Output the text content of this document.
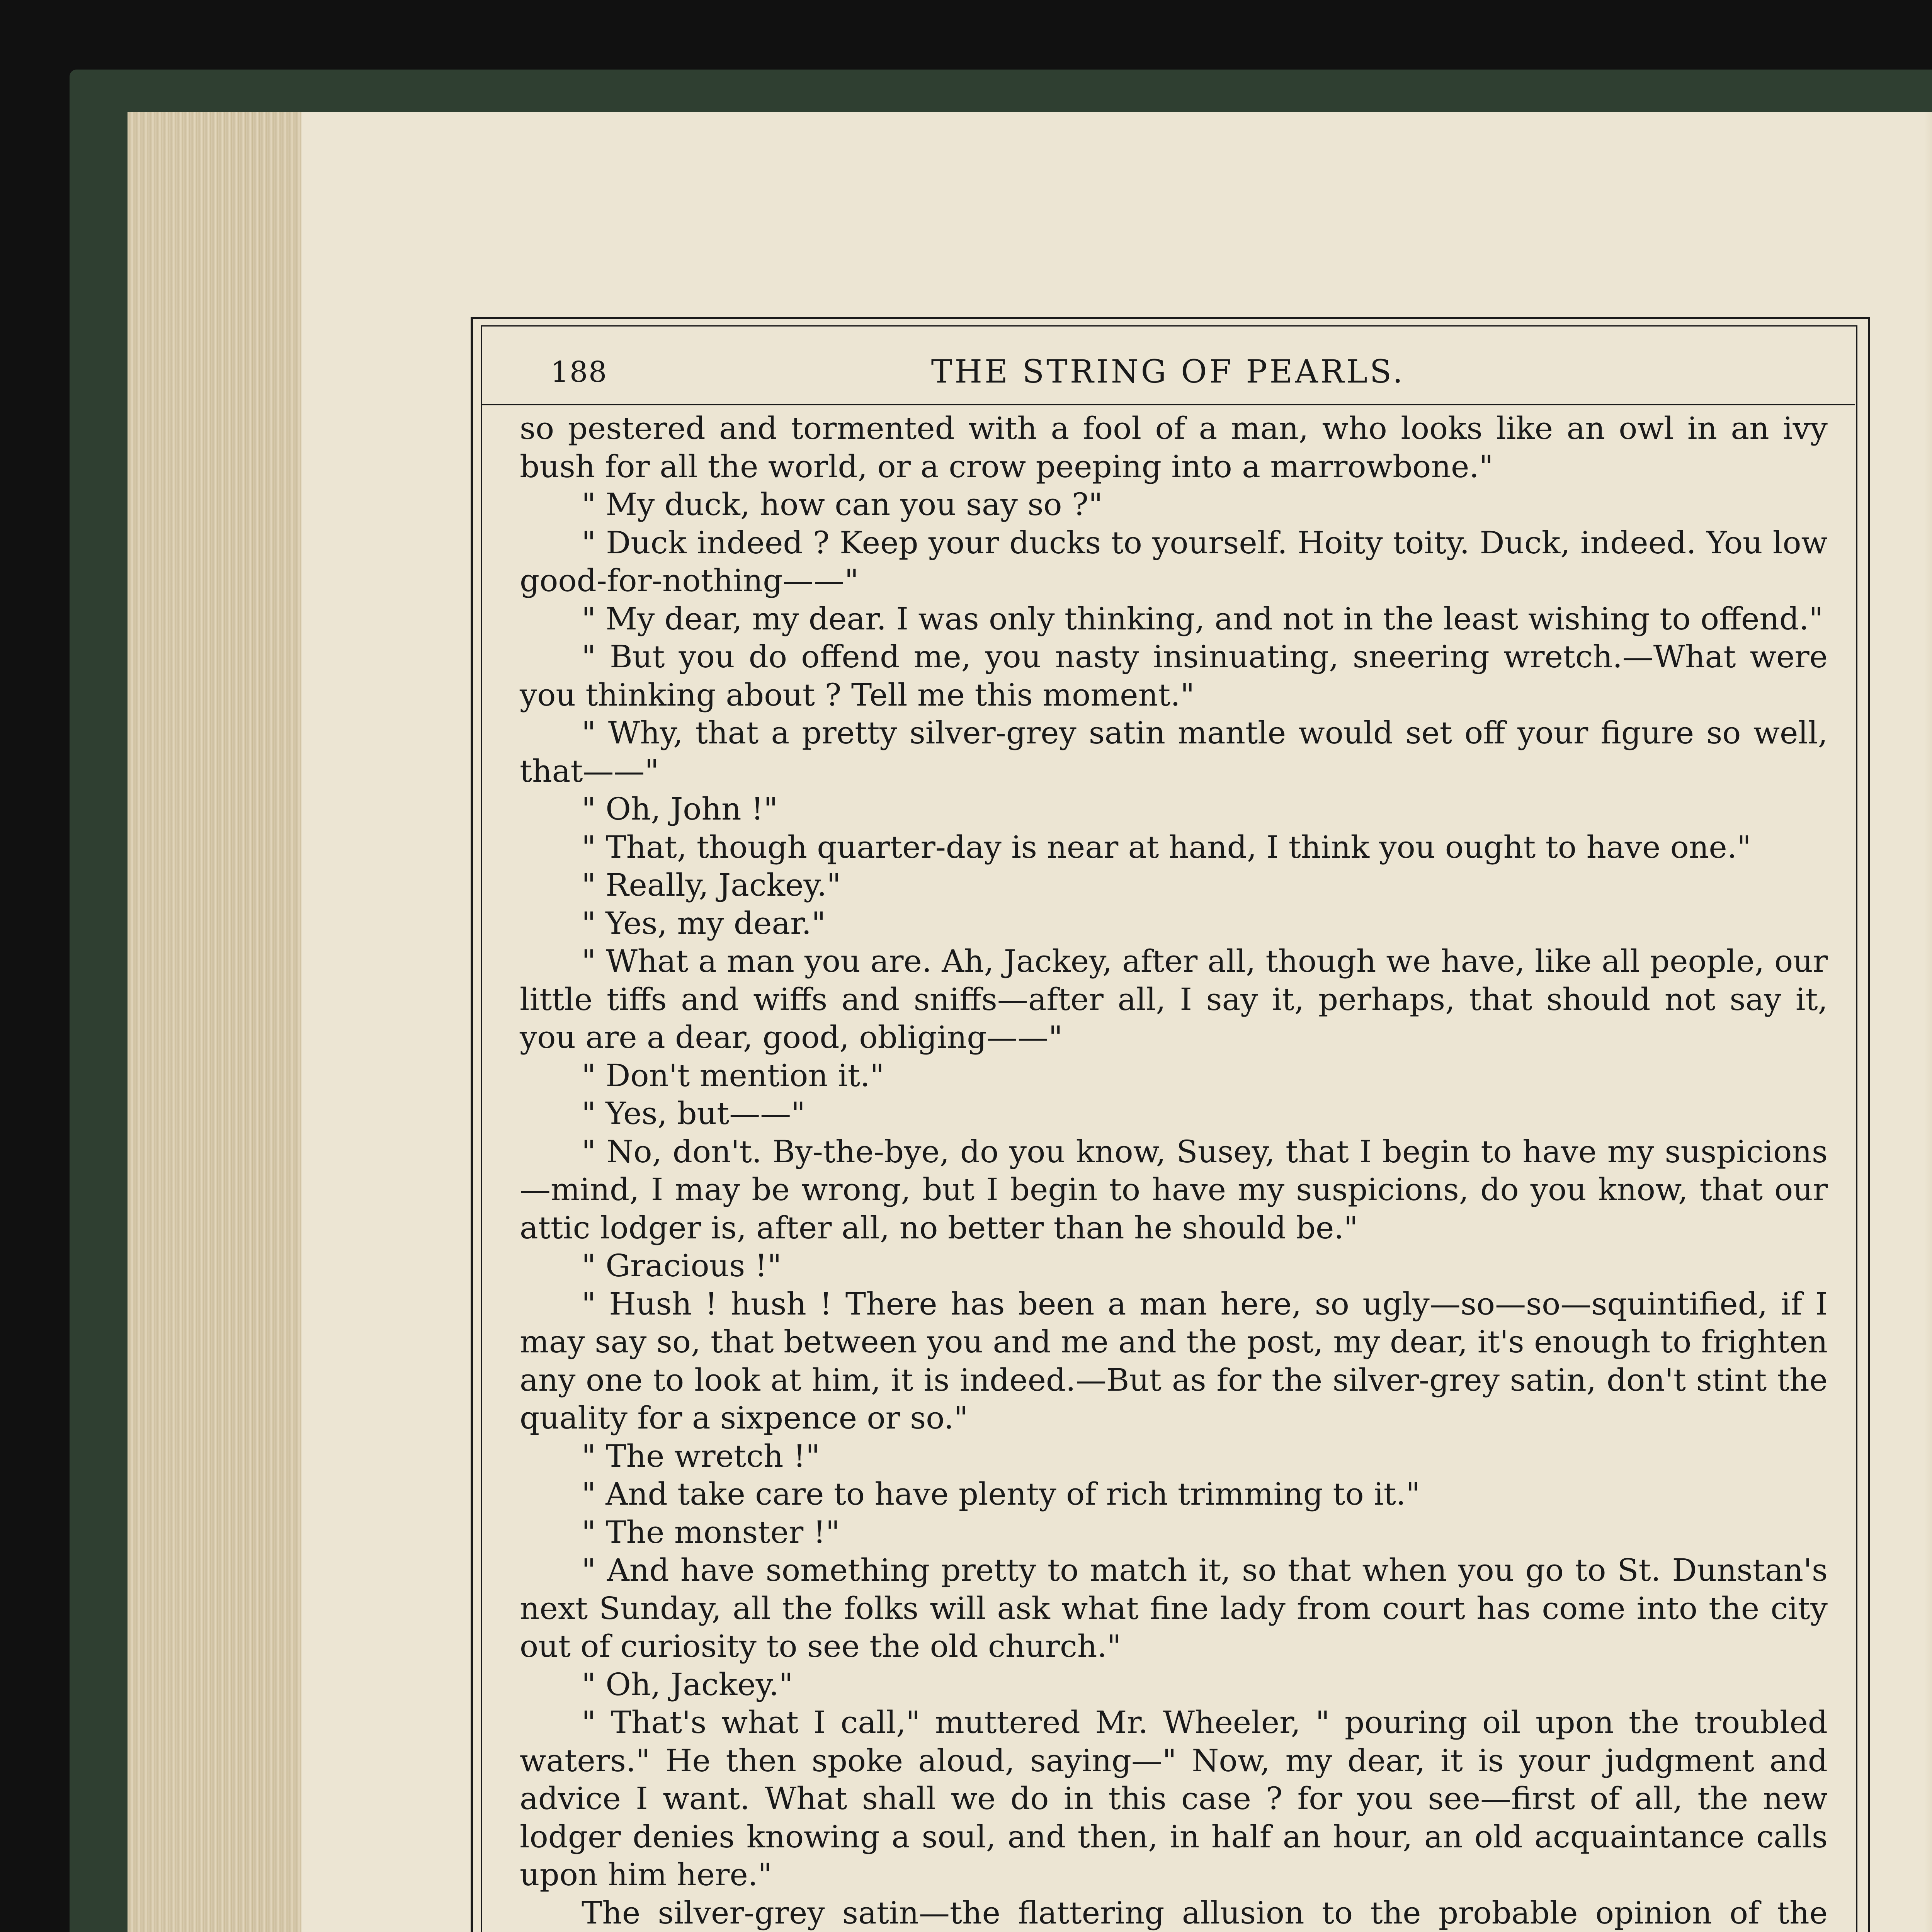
188	THE STRING OF PEARLS.

so pestered and tormented with a fool of a man, who looks like an owl in an ivy bush for all the world, or a crow peeping into a marrowbone."

" My duck, how can you say so ?"

" Duck indeed ? Keep your ducks to yourself. Hoity toity. Duck, indeed. You low good-for-nothing——"

" My dear, my dear. I was only thinking, and not in the least wishing to offend."

" But you do offend me, you nasty insinuating, sneering wretch.—What were you thinking about ? Tell me this moment."

" Why, that a pretty silver-grey satin mantle would set off your figure so well, that——"

" Oh, John !"

" That, though quarter-day is near at hand, I think you ought to have one."

" Really, Jackey."

" Yes, my dear."

" What a man you are. Ah, Jackey, after all, though we have, like all people, our little tiffs and wiffs and sniffs—after all, I say it, perhaps, that should not say it, you are a dear, good, obliging——"

" Don't mention it."

" Yes, but——"

" No, don't. By-the-bye, do you know, Susey, that I begin to have my suspicions—mind, I may be wrong, but I begin to have my suspicions, do you know, that our attic lodger is, after all, no better than he should be."

" Gracious !"

" Hush ! hush ! There has been a man here, so ugly—so—so—squintified, if I may say so, that between you and me and the post, my dear, it's enough to frighten any one to look at him, it is indeed.—But as for the silver-grey satin, don't stint the quality for a sixpence or so."

" The wretch !"

" And take care to have plenty of rich trimming to it."

" The monster !"

" And have something pretty to match it, so that when you go to St. Dunstan's next Sunday, all the folks will ask what fine lady from court has come into the city out of curiosity to see the old church."

" Oh, Jackey."

" That's what I call," muttered Mr. Wheeler, " pouring oil upon the troubled waters." He then spoke aloud, saying—" Now, my dear, it is your judgment and advice I want. What shall we do in this case ? for you see—first of all, the new lodger denies knowing a soul, and then, in half an hour, an old acquaintance calls upon him here."

The silver-grey satin—the flattering allusion to the probable opinion of the
